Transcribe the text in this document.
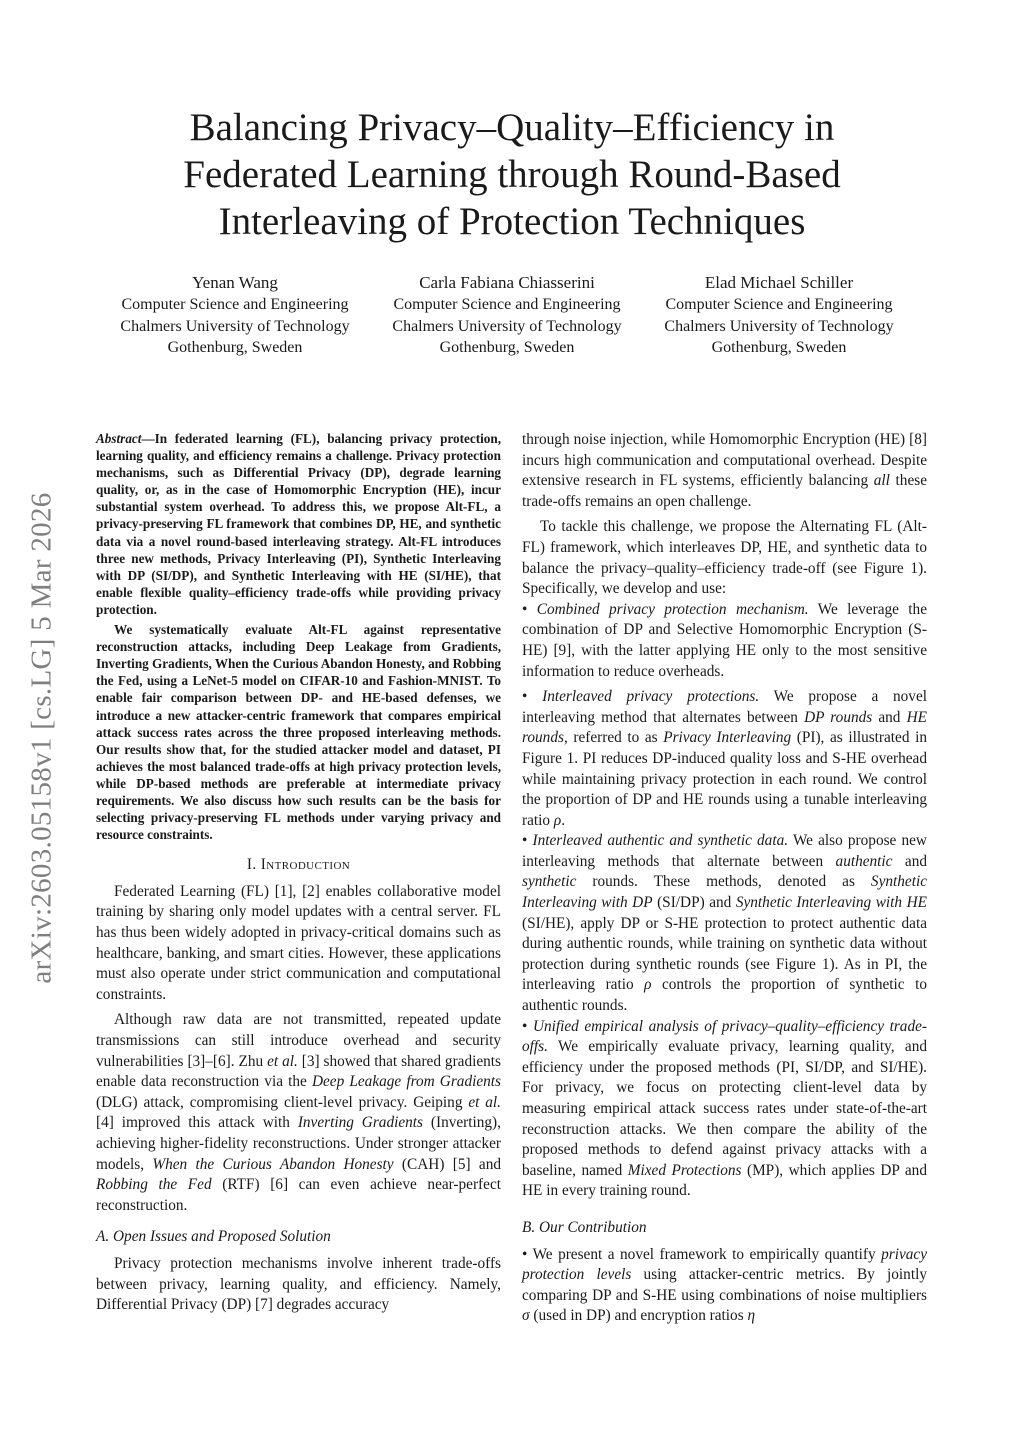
Balancing Privacy–Quality–Efficiency in
Federated Learning through Round-Based
Interleaving of Protection Techniques
Yenan Wang
Computer Science and Engineering
Chalmers University of Technology
Gothenburg, Sweden
Carla Fabiana Chiasserini
Computer Science and Engineering
Chalmers University of Technology
Gothenburg, Sweden
Elad Michael Schiller
Computer Science and Engineering
Chalmers University of Technology
Gothenburg, Sweden
arXiv:2603.05158v1 [cs.LG] 5 Mar 2026

Abstract—In federated learning (FL), balancing privacy protection, learning quality, and efficiency remains a challenge. Privacy protection mechanisms, such as Differential Privacy (DP), degrade learning quality, or, as in the case of Homomorphic Encryption (HE), incur substantial system overhead. To address this, we propose Alt-FL, a privacy-preserving FL framework that combines DP, HE, and synthetic data via a novel round-based interleaving strategy. Alt-FL introduces three new methods, Privacy Interleaving (PI), Synthetic Interleaving with DP (SI/DP), and Synthetic Interleaving with HE (SI/HE), that enable flexible quality–efficiency trade-offs while providing privacy protection.

We systematically evaluate Alt-FL against representative reconstruction attacks, including Deep Leakage from Gradients, Inverting Gradients, When the Curious Abandon Honesty, and Robbing the Fed, using a LeNet-5 model on CIFAR-10 and Fashion-MNIST. To enable fair comparison between DP- and HE-based defenses, we introduce a new attacker-centric framework that compares empirical attack success rates across the three proposed interleaving methods. Our results show that, for the studied attacker model and dataset, PI achieves the most balanced trade-offs at high privacy protection levels, while DP-based methods are preferable at intermediate privacy requirements. We also discuss how such results can be the basis for selecting privacy-preserving FL methods under varying privacy and resource constraints.

I. Introduction

Federated Learning (FL) [1], [2] enables collaborative model training by sharing only model updates with a central server. FL has thus been widely adopted in privacy-critical domains such as healthcare, banking, and smart cities. However, these applications must also operate under strict communication and computational constraints.

Although raw data are not transmitted, repeated update transmissions can still introduce overhead and security vulnerabilities [3]–[6]. Zhu et al. [3] showed that shared gradients enable data reconstruction via the Deep Leakage from Gradients (DLG) attack, compromising client-level privacy. Geiping et al. [4] improved this attack with Inverting Gradients (Inverting), achieving higher-fidelity reconstructions. Under stronger attacker models, When the Curious Abandon Honesty (CAH) [5] and Robbing the Fed (RTF) [6] can even achieve near-perfect reconstruction.

A. Open Issues and Proposed Solution

Privacy protection mechanisms involve inherent trade-offs between privacy, learning quality, and efficiency. Namely, Differential Privacy (DP) [7] degrades accuracy

through noise injection, while Homomorphic Encryption (HE) [8] incurs high communication and computational overhead. Despite extensive research in FL systems, efficiently balancing all these trade-offs remains an open challenge.

To tackle this challenge, we propose the Alternating FL (Alt-FL) framework, which interleaves DP, HE, and synthetic data to balance the privacy–quality–efficiency trade-off (see Figure 1). Specifically, we develop and use:

• Combined privacy protection mechanism. We leverage the combination of DP and Selective Homomorphic Encryption (S-HE) [9], with the latter applying HE only to the most sensitive information to reduce overheads.

• Interleaved privacy protections. We propose a novel interleaving method that alternates between DP rounds and HE rounds, referred to as Privacy Interleaving (PI), as illustrated in Figure 1. PI reduces DP-induced quality loss and S-HE overhead while maintaining privacy protection in each round. We control the proportion of DP and HE rounds using a tunable interleaving ratio ρ.

• Interleaved authentic and synthetic data. We also propose new interleaving methods that alternate between authentic and synthetic rounds. These methods, denoted as Synthetic Interleaving with DP (SI/DP) and Synthetic Interleaving with HE (SI/HE), apply DP or S-HE protection to protect authentic data during authentic rounds, while training on synthetic data without protection during synthetic rounds (see Figure 1). As in PI, the interleaving ratio ρ controls the proportion of synthetic to authentic rounds.

• Unified empirical analysis of privacy–quality–efficiency trade-offs. We empirically evaluate privacy, learning quality, and efficiency under the proposed methods (PI, SI/DP, and SI/HE). For privacy, we focus on protecting client-level data by measuring empirical attack success rates under state-of-the-art reconstruction attacks. We then compare the ability of the proposed methods to defend against privacy attacks with a baseline, named Mixed Protections (MP), which applies DP and HE in every training round.

B. Our Contribution

• We present a novel framework to empirically quantify privacy protection levels using attacker-centric metrics. By jointly comparing DP and S-HE using combinations of noise multipliers σ (used in DP) and encryption ratios η
